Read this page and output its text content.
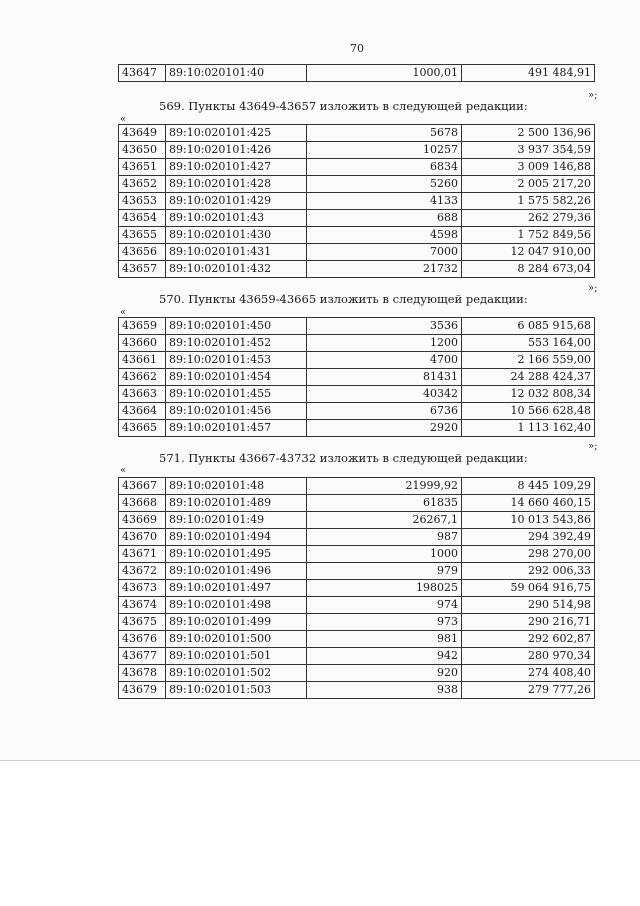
70
43647	89:10:020101:40	1000,01	491 484,91
»;
569. Пункты 43649-43657 изложить в следующей редакции:
«
43649	89:10:020101:425	5678	2 500 136,96
43650	89:10:020101:426	10257	3 937 354,59
43651	89:10:020101:427	6834	3 009 146,88
43652	89:10:020101:428	5260	2 005 217,20
43653	89:10:020101:429	4133	1 575 582,26
43654	89:10:020101:43	688	262 279,36
43655	89:10:020101:430	4598	1 752 849,56
43656	89:10:020101:431	7000	12 047 910,00
43657	89:10:020101:432	21732	8 284 673,04
»;
570. Пункты 43659-43665 изложить в следующей редакции:
«
43659	89:10:020101:450	3536	6 085 915,68
43660	89:10:020101:452	1200	553 164,00
43661	89:10:020101:453	4700	2 166 559,00
43662	89:10:020101:454	81431	24 288 424,37
43663	89:10:020101:455	40342	12 032 808,34
43664	89:10:020101:456	6736	10 566 628,48
43665	89:10:020101:457	2920	1 113 162,40
»;
571. Пункты 43667-43732 изложить в следующей редакции:
«
43667	89:10:020101:48	21999,92	8 445 109,29
43668	89:10:020101:489	61835	14 660 460,15
43669	89:10:020101:49	26267,1	10 013 543,86
43670	89:10:020101:494	987	294 392,49
43671	89:10:020101:495	1000	298 270,00
43672	89:10:020101:496	979	292 006,33
43673	89:10:020101:497	198025	59 064 916,75
43674	89:10:020101:498	974	290 514,98
43675	89:10:020101:499	973	290 216,71
43676	89:10:020101:500	981	292 602,87
43677	89:10:020101:501	942	280 970,34
43678	89:10:020101:502	920	274 408,40
43679	89:10:020101:503	938	279 777,26
